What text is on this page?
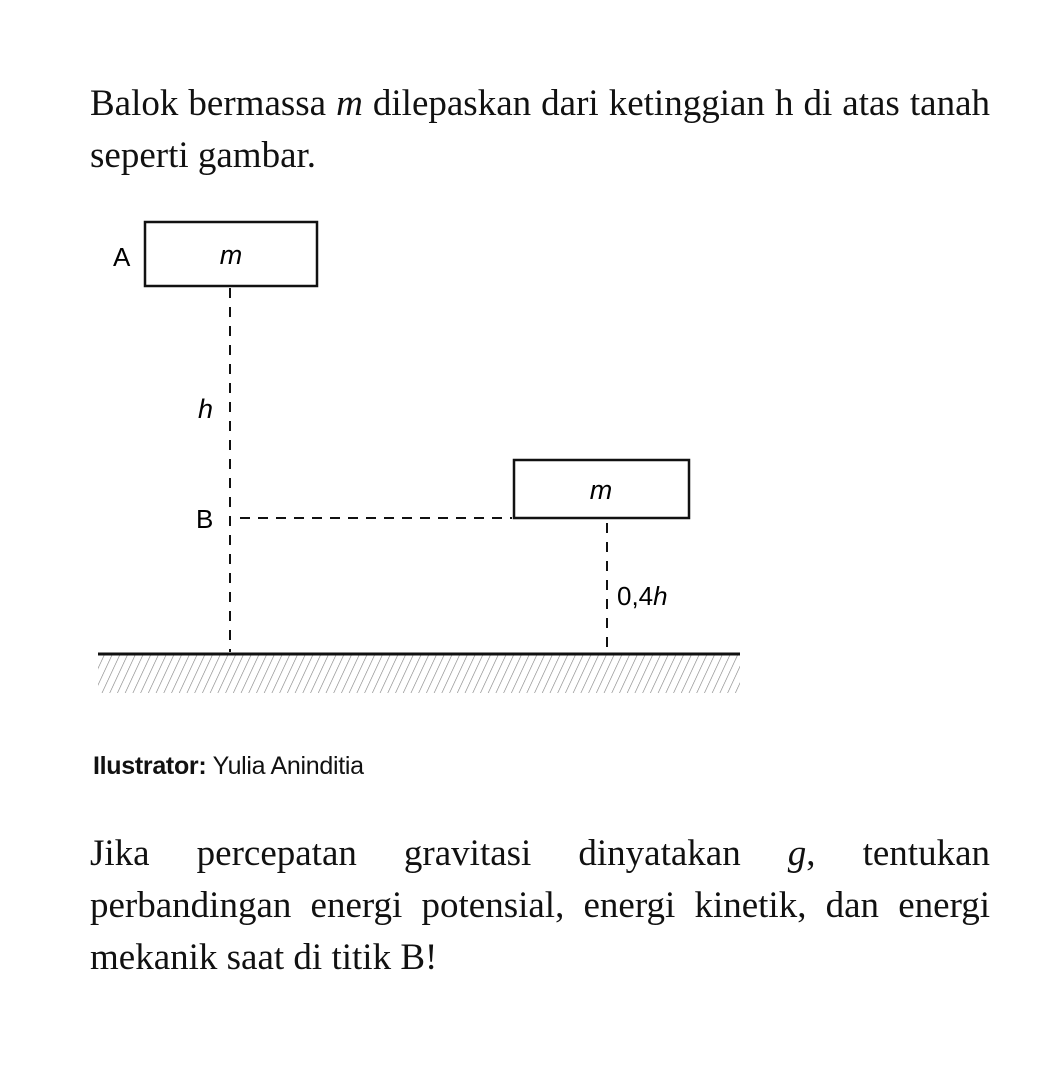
Balok bermassa m dilepaskan dari ketinggian h di atas tanah seperti gambar.

m
A
h
B
m
0,4h
Ilustrator: Yulia Aninditia

Jika percepatan gravitasi dinyatakan g, tentukan perbandingan energi potensial, energi kinetik, dan energi mekanik saat di titik B!
